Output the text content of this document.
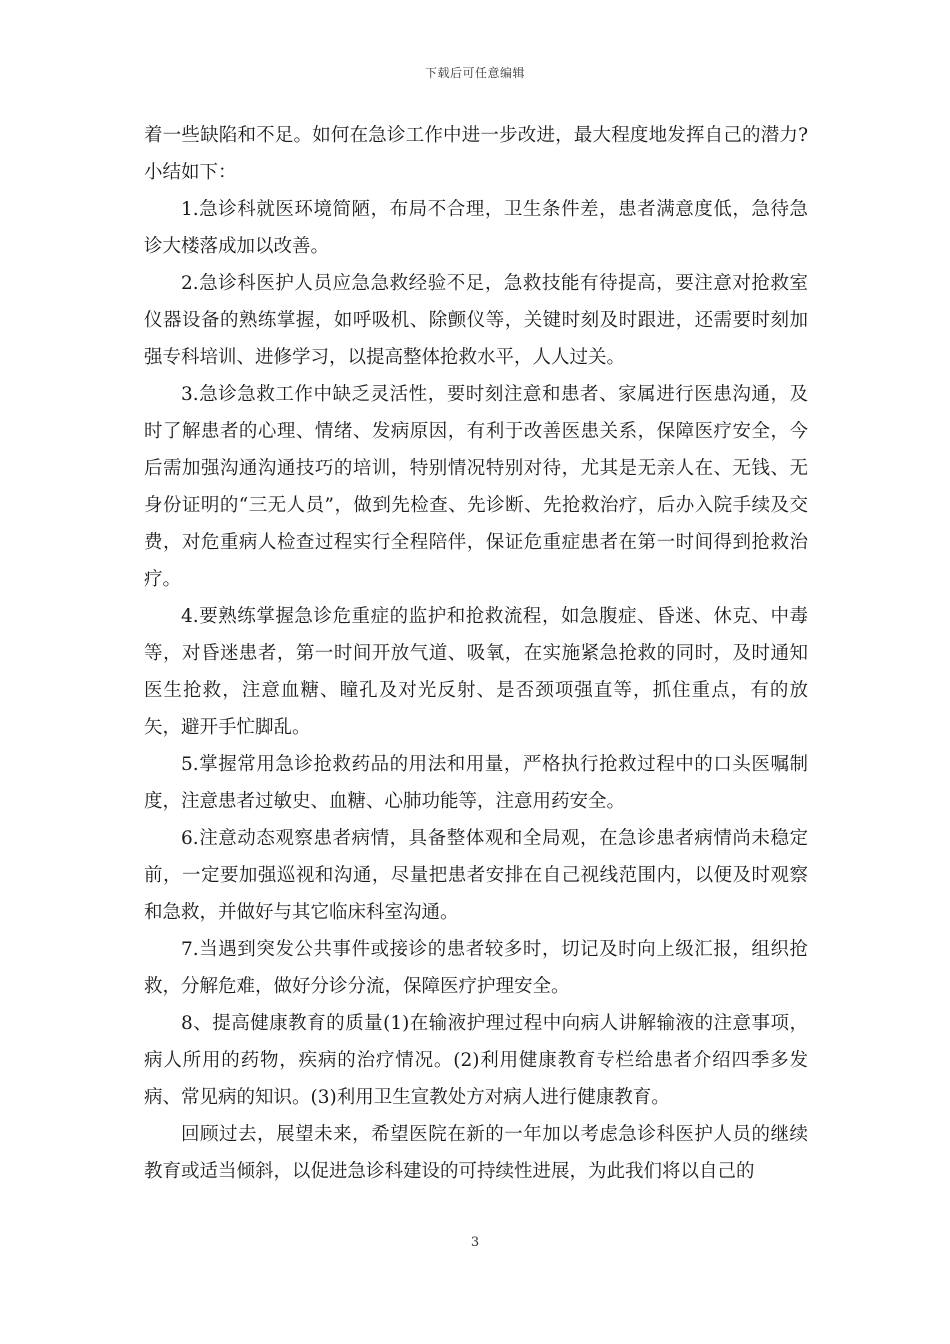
下载后可任意编辑

着一些缺陷和不足。如何在急诊工作中进一步改进，最大程度地发挥自己的潜力?小结如下：

1.急诊科就医环境简陋，布局不合理，卫生条件差，患者满意度低，急待急诊大楼落成加以改善。

2.急诊科医护人员应急急救经验不足，急救技能有待提高，要注意对抢救室仪器设备的熟练掌握，如呼吸机、除颤仪等，关键时刻及时跟进，还需要时刻加强专科培训、进修学习，以提高整体抢救水平，人人过关。

3.急诊急救工作中缺乏灵活性，要时刻注意和患者、家属进行医患沟通，及时了解患者的心理、情绪、发病原因，有利于改善医患关系，保障医疗安全，今后需加强沟通沟通技巧的培训，特别情况特别对待，尤其是无亲人在、无钱、无身份证明的“三无人员”，做到先检查、先诊断、先抢救治疗，后办入院手续及交费，对危重病人检查过程实行全程陪伴，保证危重症患者在第一时间得到抢救治疗。

4.要熟练掌握急诊危重症的监护和抢救流程，如急腹症、昏迷、休克、中毒等，对昏迷患者，第一时间开放气道、吸氧，在实施紧急抢救的同时，及时通知医生抢救，注意血糖、瞳孔及对光反射、是否颈项强直等，抓住重点，有的放矢，避开手忙脚乱。

5.掌握常用急诊抢救药品的用法和用量，严格执行抢救过程中的口头医嘱制度，注意患者过敏史、血糖、心肺功能等，注意用药安全。

6.注意动态观察患者病情，具备整体观和全局观，在急诊患者病情尚未稳定前，一定要加强巡视和沟通，尽量把患者安排在自己视线范围内，以便及时观察和急救，并做好与其它临床科室沟通。

7.当遇到突发公共事件或接诊的患者较多时，切记及时向上级汇报，组织抢救，分解危难，做好分诊分流，保障医疗护理安全。

8、提高健康教育的质量(1)在输液护理过程中向病人讲解输液的注意事项，病人所用的药物，疾病的治疗情况。(2)利用健康教育专栏给患者介绍四季多发病、常见病的知识。(3)利用卫生宣教处方对病人进行健康教育。

回顾过去，展望未来，希望医院在新的一年加以考虑急诊科医护人员的继续教育或适当倾斜，以促进急诊科建设的可持续性进展，为此我们将以自己的

3
